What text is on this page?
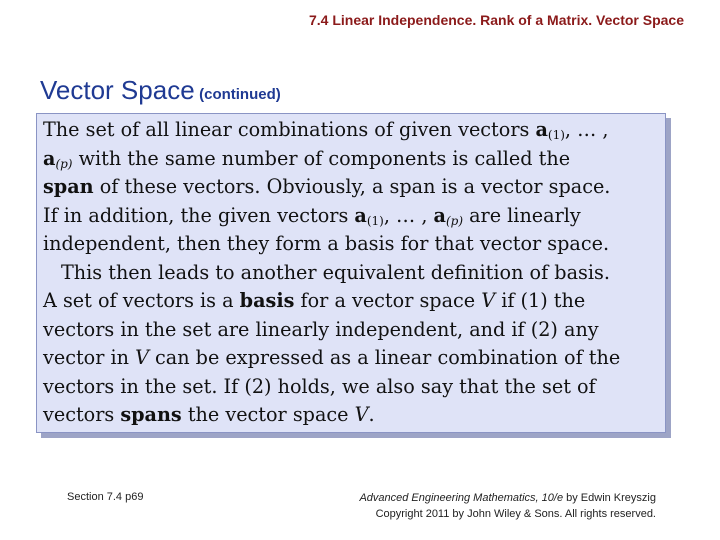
7.4 Linear Independence. Rank of a Matrix. Vector Space
Vector Space (continued)

The set of all linear combinations of given vectors $a_{(1)}$, … ,
$a_{(p)}$ with the same number of components is called the
span of these vectors. Obviously, a span is a vector space.
If in addition, the given vectors $a_{(1)}$, … , $a_{(p)}$ are linearly
independent, then they form a basis for that vector space.
This then leads to another equivalent definition of basis.
A set of vectors is a basis for a vector space V if (1) the
vectors in the set are linearly independent, and if (2) any
vector in V can be expressed as a linear combination of the
vectors in the set. If (2) holds, we also say that the set of
vectors spans the vector space V.

Section 7.4 p69	Advanced Engineering Mathematics, 10/e by Edwin Kreyszig
Copyright 2011 by John Wiley & Sons. All rights reserved.
